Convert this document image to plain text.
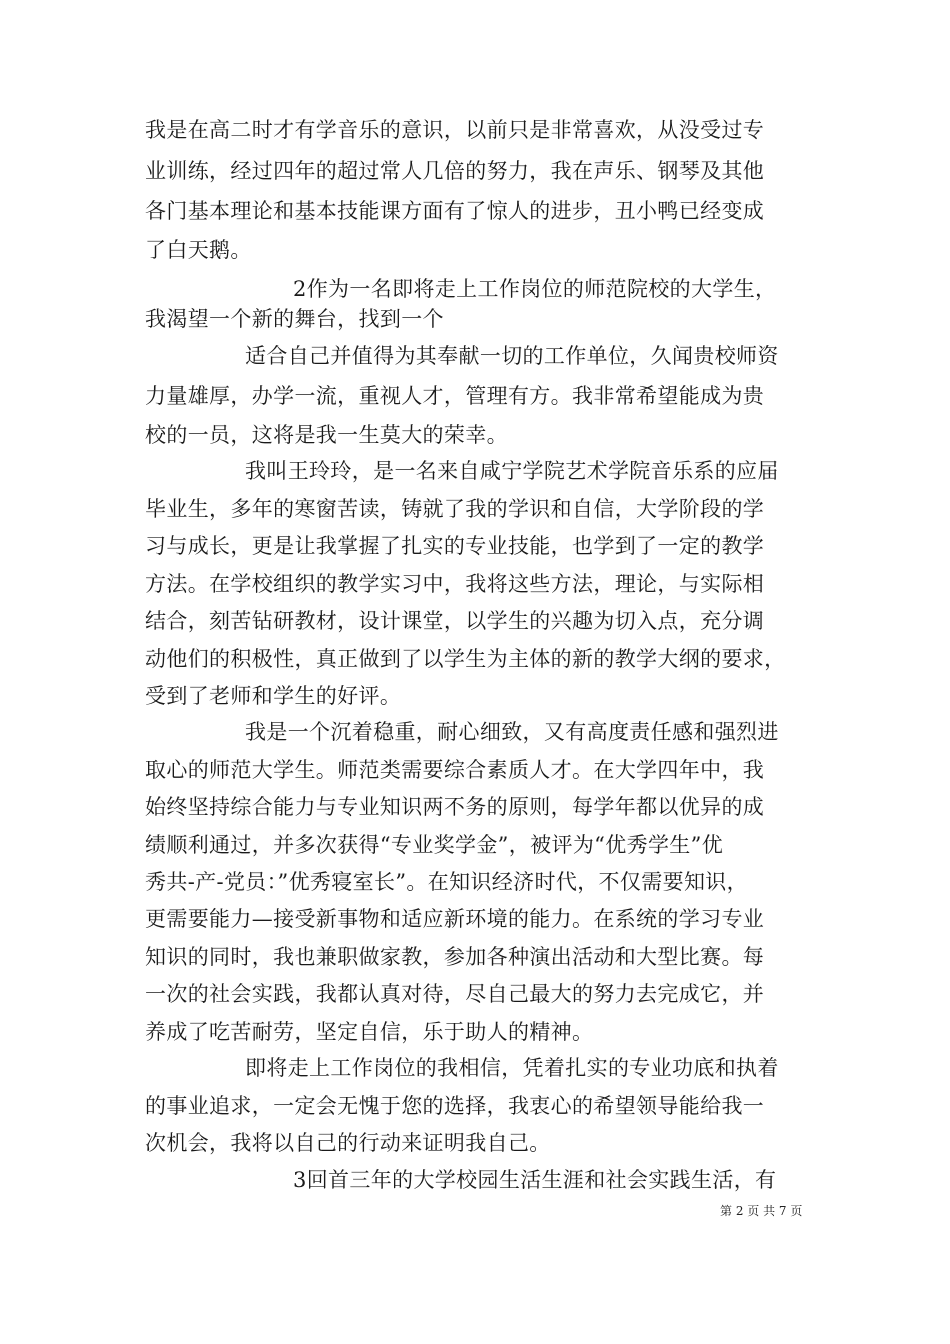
我是在高二时才有学音乐的意识，以前只是非常喜欢，从没受过专
业训练，经过四年的超过常人几倍的努力，我在声乐、钢琴及其他
各门基本理论和基本技能课方面有了惊人的进步，丑小鸭已经变成
了白天鹅。
2作为一名即将走上工作岗位的师范院校的大学生，
我渴望一个新的舞台，找到一个
适合自己并值得为其奉献一切的工作单位，久闻贵校师资
力量雄厚，办学一流，重视人才，管理有方。我非常希望能成为贵
校的一员，这将是我一生莫大的荣幸。
我叫王玲玲，是一名来自咸宁学院艺术学院音乐系的应届
毕业生，多年的寒窗苦读，铸就了我的学识和自信，大学阶段的学
习与成长，更是让我掌握了扎实的专业技能，也学到了一定的教学
方法。在学校组织的教学实习中，我将这些方法，理论，与实际相
结合，刻苦钻研教材，设计课堂，以学生的兴趣为切入点，充分调
动他们的积极性，真正做到了以学生为主体的新的教学大纲的要求，
受到了老师和学生的好评。
我是一个沉着稳重，耐心细致，又有高度责任感和强烈进
取心的师范大学生。师范类需要综合素质人才。在大学四年中，我
始终坚持综合能力与专业知识两不务的原则，每学年都以优异的成
绩顺利通过，并多次获得“专业奖学金”，被评为“优秀学生”优
秀共-产-党员：”优秀寝室长”。在知识经济时代，不仅需要知识，
更需要能力—接受新事物和适应新环境的能力。在系统的学习专业
知识的同时，我也兼职做家教，参加各种演出活动和大型比赛。每
一次的社会实践，我都认真对待，尽自己最大的努力去完成它，并
养成了吃苦耐劳，坚定自信，乐于助人的精神。
即将走上工作岗位的我相信，凭着扎实的专业功底和执着
的事业追求，一定会无愧于您的选择，我衷心的希望领导能给我一
次机会，我将以自己的行动来证明我自己。
3回首三年的大学校园生活生涯和社会实践生活，有
第 2 页 共 7 页
